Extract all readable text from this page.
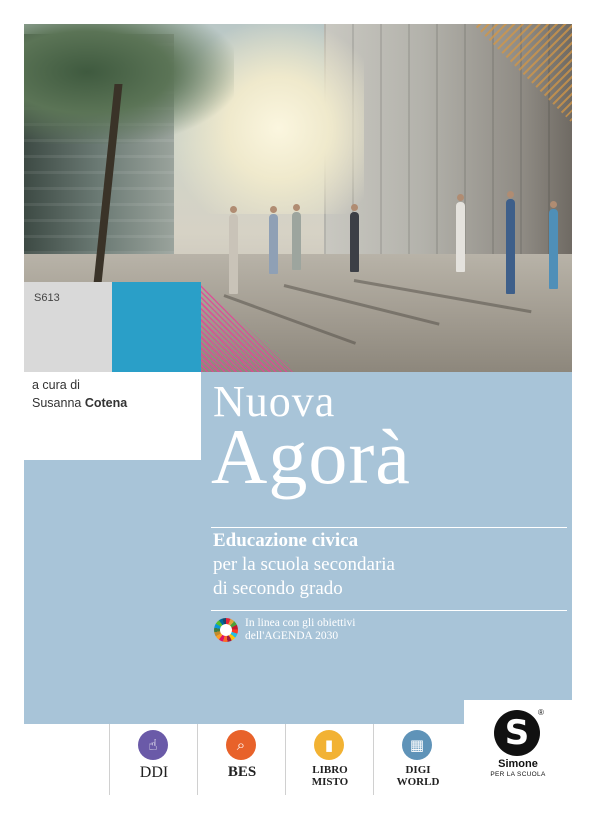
S613
a cura di
Susanna Cotena Nuova
Agorà
Educazione civica
per la scuola secondaria
di secondo grado
In linea con gli obiettivi
dell'AGENDA 2030
☝
DDI
⌕
BES
▮
LIBRO
MISTO
▦
DIGI
WORLD
S
®
Simone
PER LA SCUOLA
